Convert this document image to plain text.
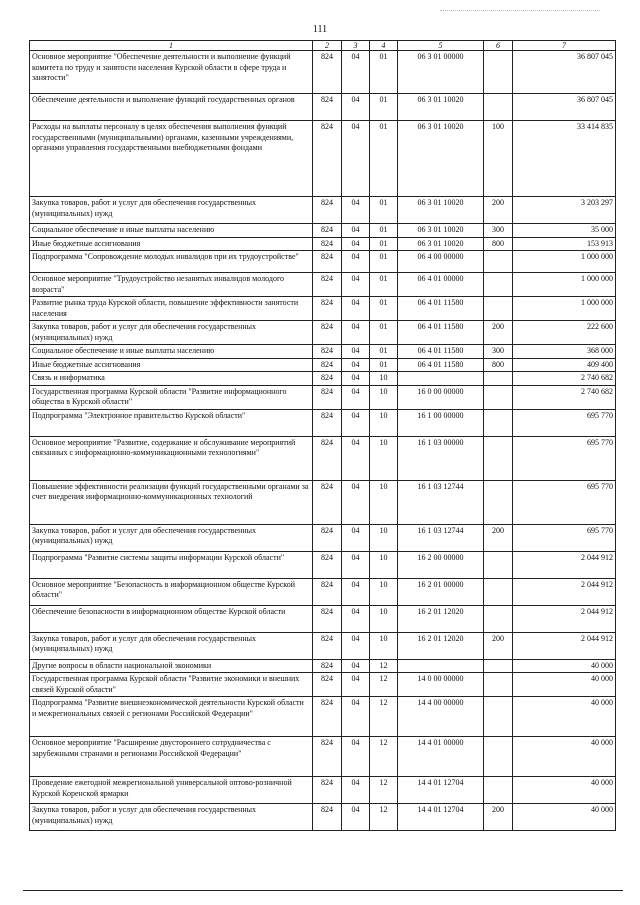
111
1	2	3	4	5	6	7
Основное мероприятие "Обеспечение деятельности и выполнение функций комитета по труду и занятости населения Курской области в сфере труда и занятости"	824	04	01	06 3 01 00000		36 807 045
Обеспечение деятельности и выполнение функций государственных органов	824	04	01	06 3 01 10020		36 807 045
Расходы на выплаты персоналу в целях обеспечения выполнения функций государственными (муниципальными) органами, казенными учреждениями, органами управления государственными внебюджетными фондами	824	04	01	06 3 01 10020	100	33 414 835
Закупка товаров, работ и услуг для обеспечения государственных (муниципальных) нужд	824	04	01	06 3 01 10020	200	3 203 297
Социальное обеспечение и иные выплаты населению	824	04	01	06 3 01 10020	300	35 000
Иные бюджетные ассигнования	824	04	01	06 3 01 10020	800	153 913
Подпрограмма "Сопровождение молодых инвалидов при их трудоустройстве"	824	04	01	06 4 00 00000		1 000 000
Основное мероприятие "Трудоустройство незанятых инвалидов молодого возраста"	824	04	01	06 4 01 00000		1 000 000
Развитие рынка труда Курской области, повышение эффективности занятости населения	824	04	01	06 4 01 11580		1 000 000
Закупка товаров, работ и услуг для обеспечения государственных (муниципальных) нужд	824	04	01	06 4 01 11580	200	222 600
Социальное обеспечение и иные выплаты населению	824	04	01	06 4 01 11580	300	368 000
Иные бюджетные ассигнования	824	04	01	06 4 01 11580	800	409 400
Связь и информатика	824	04	10			2 740 682
Государственная программа Курской области "Развитие информационного общества в Курской области"	824	04	10	16 0 00 00000		2 740 682
Подпрограмма "Электронное правительство Курской области"	824	04	10	16 1 00 00000		695 770
Основное мероприятие "Развитие, содержание и обслуживание мероприятий связанных с информационно-коммуникационными технологиями"	824	04	10	16 1 03 00000		695 770
Повышение эффективности реализации функций государственными органами за счет внедрения информационно-коммуникационных технологий	824	04	10	16 1 03 12744		695 770
Закупка товаров, работ и услуг для обеспечения государственных (муниципальных) нужд	824	04	10	16 1 03 12744	200	695 770
Подпрограмма "Развитие системы защиты информации Курской области"	824	04	10	16 2 00 00000		2 044 912
Основное мероприятие "Безопасность в информационном обществе Курской области"	824	04	10	16 2 01 00000		2 044 912
Обеспечение безопасности в информационном обществе Курской области	824	04	10	16 2 01 12020		2 044 912
Закупка товаров, работ и услуг для обеспечения государственных (муниципальных) нужд	824	04	10	16 2 01 12020	200	2 044 912
Другие вопросы в области национальной экономики	824	04	12			40 000
Государственная программа Курской области "Развитие экономики и внешних связей Курской области"	824	04	12	14 0 00 00000		40 000
Подпрограмма "Развитие внешнеэкономической деятельности Курской области и межрегиональных связей с регионами Российской Федерации"	824	04	12	14 4 00 00000		40 000
Основное мероприятие "Расширение двустороннего сотрудничества с зарубежными странами и регионами Российской Федерации"	824	04	12	14 4 01 00000		40 000
Проведение ежегодной межрегиональной универсальной оптово-розничной Курской Коренской ярмарки	824	04	12	14 4 01 12704		40 000
Закупка товаров, работ и услуг для обеспечения государственных (муниципальных) нужд	824	04	12	14 4 01 12704	200	40 000
